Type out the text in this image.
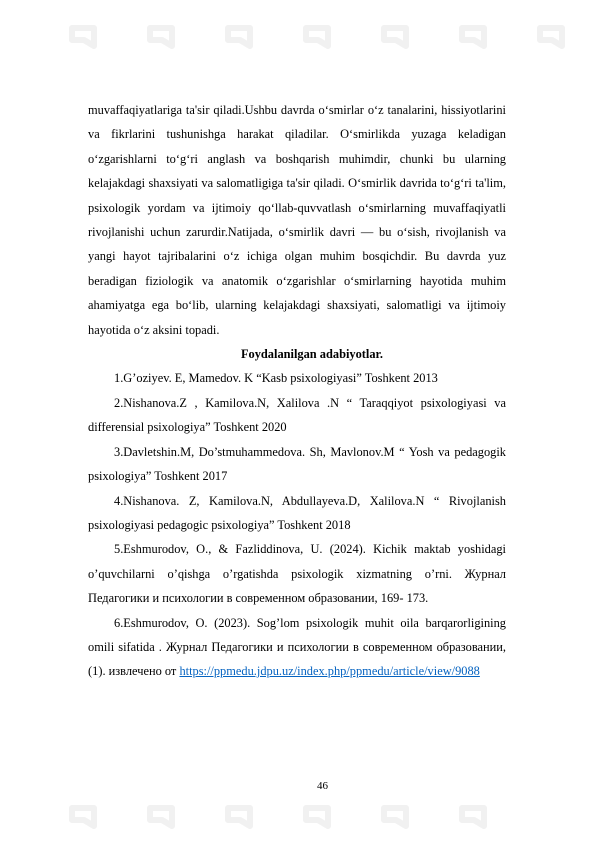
muvaffaqiyatlariga ta'sir qiladi.Ushbu davrda o‘smirlar o‘z tanalarini, hissiyotlarini va fikrlarini tushunishga harakat qiladilar. O‘smirlikda yuzaga keladigan o‘zgarishlarni to‘g‘ri anglash va boshqarish muhimdir, chunki bu ularning kelajakdagi shaxsiyati va salomatligiga ta'sir qiladi. O‘smirlik davrida to‘g‘ri ta'lim, psixologik yordam va ijtimoiy qo‘llab-quvvatlash o‘smirlarning muvaffaqiyatli rivojlanishi uchun zarurdir.Natijada, o‘smirlik davri — bu o‘sish, rivojlanish va yangi hayot tajribalarini o‘z ichiga olgan muhim bosqichdir. Bu davrda yuz beradigan fiziologik va anatomik o‘zgarishlar o‘smirlarning hayotida muhim ahamiyatga ega bo‘lib, ularning kelajakdagi shaxsiyati, salomatligi va ijtimoiy hayotida o‘z aksini topadi.

Foydalanilgan adabiyotlar.

1.G’oziyev. E, Mamedov. K “Kasb psixologiyasi” Toshkent 2013

2.Nishanova.Z , Kamilova.N, Xalilova .N “ Taraqqiyot psixologiyasi va differensial psixologiya” Toshkent 2020

3.Davletshin.M, Do’stmuhammedova. Sh, Mavlonov.M “ Yosh va pedagogik psixologiya” Toshkent 2017

4.Nishanova. Z, Kamilova.N, Abdullayeva.D, Xalilova.N “ Rivojlanish psixologiyasi pedagogic psixologiya” Toshkent 2018

5.Eshmurodov, O., & Fazliddinova, U. (2024). Kichik maktab yoshidagi o’quvchilarni o’qishga o’rgatishda psixologik xizmatning o’rni. Журнал Педагогики и психологии в современном образовании, 169- 173.

6.Eshmurodov, O. (2023). Sog’lom psixologik muhit oila barqarorligining omili sifatida . Журнал Педагогики и психологии в современном образовании, (1). извлечено от https://ppmedu.jdpu.uz/index.php/ppmedu/article/view/9088

46
